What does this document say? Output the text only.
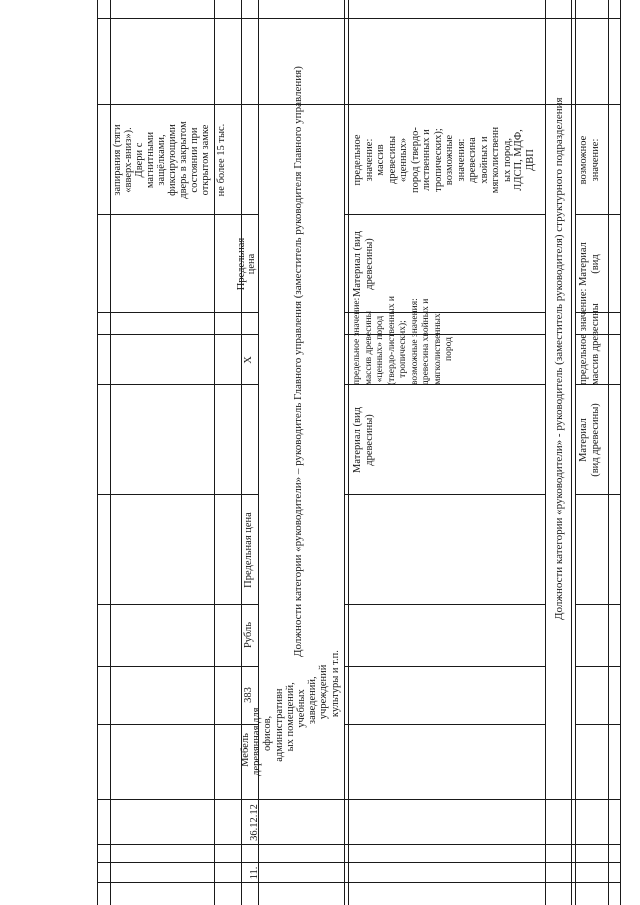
запирания (тяги «вверх-вниз»). Двери с магнитными защёлками, фиксирующими дверь в закрытом состоянии при открытом замке не более 15 тыс.
383
Рубль
Предельная цена
X
Предельная цена
11.
36.12.12
Мебель деревянная для офисов, административн ых помещений, учебных заведений, учреждений культуры и т.п.
Должности категории «руководители» – руководитель Главного управления (заместитель руководителя Главного управления)	Должности категории «руководители» - руководитель (заместитель руководителя) структурного подразделения
Материал (вид древесины)
предельное значение: массив древесины «ценных» пород (твердо-лиственных и тропических); возможные значения: древесина хвойных и мягколиственных пород
Материал (вид древесины)
предельное значение: массив древесины «ценных» пород (твердо- лиственных и тропических); возможные значения: древесина хвойных и мягколиственн ых пород, ЛДСП, МДФ, ДВП
Материал (вид древесины)
предельное значение: массив древесины
Материал (вид
возможное значение:
